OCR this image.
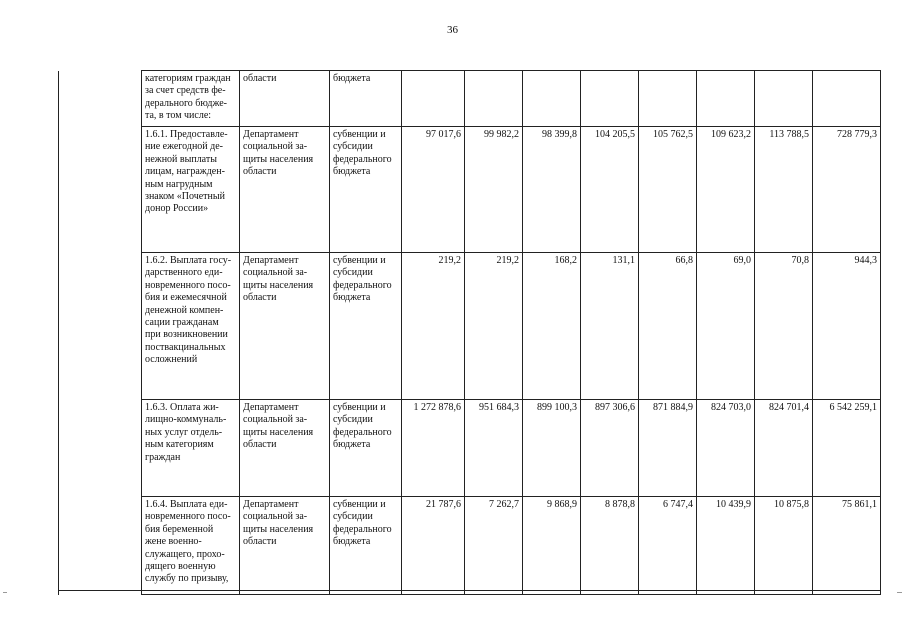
36
	категориям граждан за счет средств фе-дерального бюдже-та, в том числе:	области	бюджета								
	1.6.1. Предоставле-ние ежегодной де-нежной выплаты лицам, награжден-ным нагрудным знаком «Почетный донор России»	Департамент социальной за-щиты населения области	субвенции и субсидии федерального бюджета	97 017,6	99 982,2	98 399,8	104 205,5	105 762,5	109 623,2	113 788,5	728 779,3
	1.6.2. Выплата госу-дарственного еди-новременного посо-бия и ежемесячной денежной компен-сации гражданам при возникновении поствакцинальных осложнений	Департамент социальной за-щиты населения области	субвенции и субсидии федерального бюджета	219,2	219,2	168,2	131,1	66,8	69,0	70,8	944,3
	1.6.3. Оплата жи-лищно-коммуналь-ных услуг отдель-ным категориям граждан	Департамент социальной за-щиты населения области	субвенции и субсидии федерального бюджета	1 272 878,6	951 684,3	899 100,3	897 306,6	871 884,9	824 703,0	824 701,4	6 542 259,1
	1.6.4. Выплата еди-новременного посо-бия беременной жене военно-служащего, прохо-дящего военную службу по призыву,	Департамент социальной за-щиты населения области	субвенции и субсидии федерального бюджета	21 787,6	7 262,7	9 868,9	8 878,8	6 747,4	10 439,9	10 875,8	75 861,1
